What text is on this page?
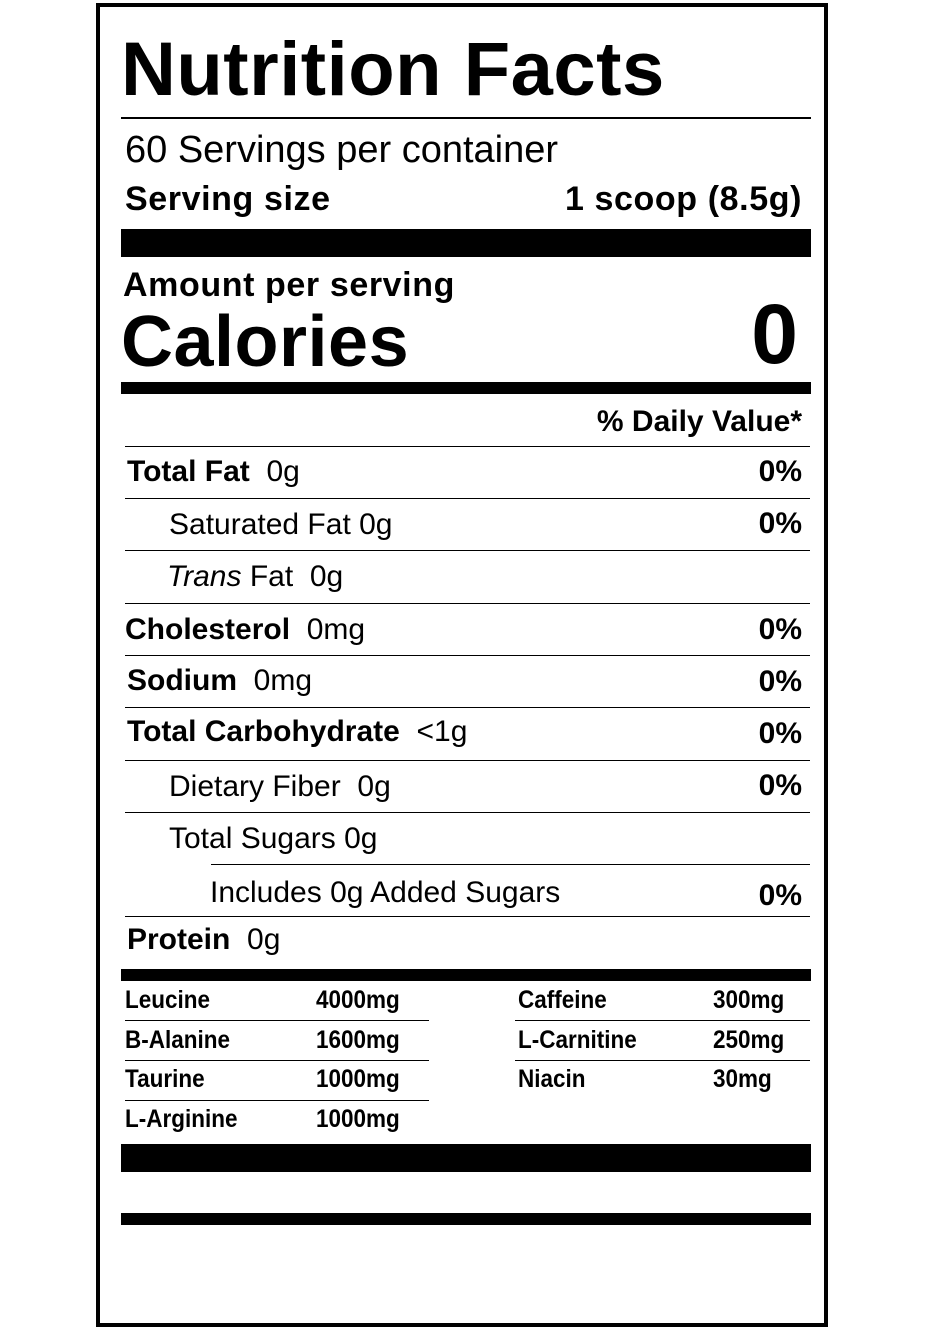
Nutrition Facts
60 Servings per container
Serving size	1 scoop (8.5g)
Amount per serving
Calories	0
% Daily Value*
Total Fat 0g	0%
Saturated Fat 0g	0%
Trans Fat 0g
Cholesterol 0mg	0%
Sodium 0mg	0%
Total Carbohydrate <1g	0%
Dietary Fiber 0g	0%
Total Sugars 0g
Includes 0g Added Sugars	0%
Protein 0g
Leucine	4000mg
B-Alanine	1600mg
Taurine	1000mg
L-Arginine	1000mg
Caffeine	300mg
L-Carnitine	250mg
Niacin	30mg
